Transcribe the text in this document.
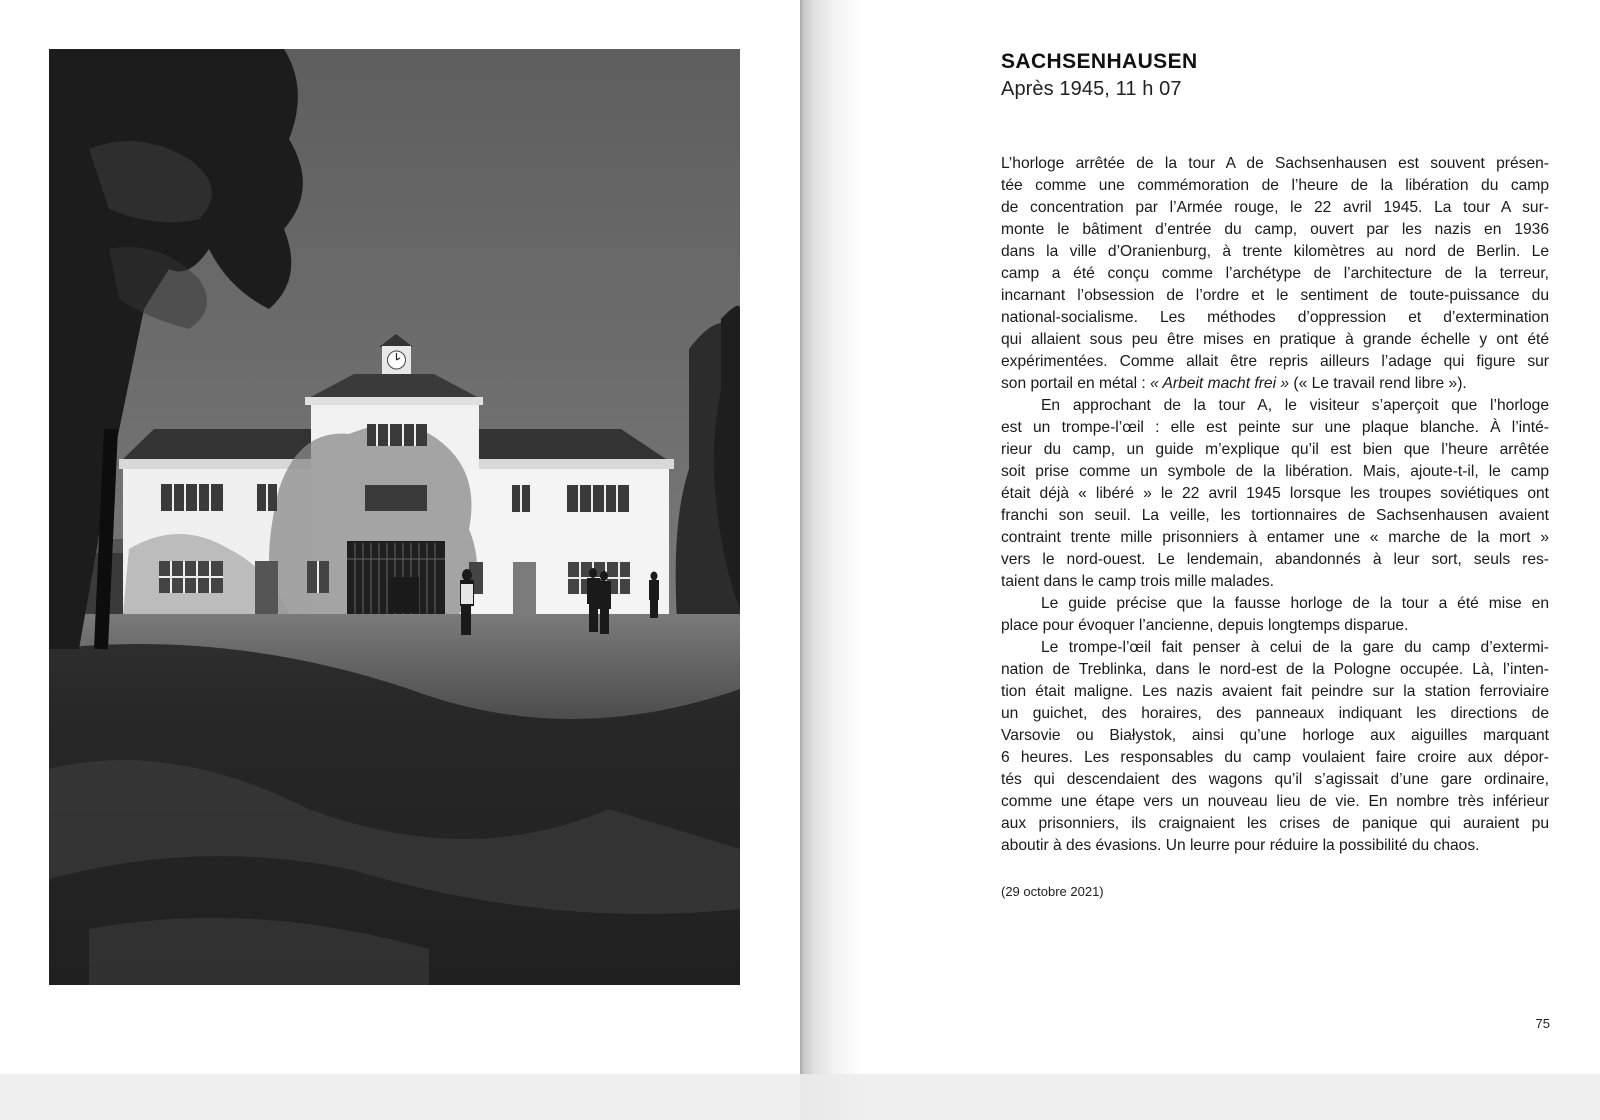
SACHSENHAUSEN
Après 1945, 11 h 07
L’horloge arrêtée de la tour A de Sachsenhausen est souvent présen-
tée comme une commémoration de l’heure de la libération du camp
de concentration par l’Armée rouge, le 22 avril 1945. La tour A sur-
monte le bâtiment d’entrée du camp, ouvert par les nazis en 1936
dans la ville d’Oranienburg, à trente kilomètres au nord de Berlin. Le
camp a été conçu comme l’archétype de l’architecture de la terreur,
incarnant l’obsession de l’ordre et le sentiment de toute-puissance du
national-socialisme. Les méthodes d’oppression et d’extermination
qui allaient sous peu être mises en pratique à grande échelle y ont été
expérimentées. Comme allait être repris ailleurs l’adage qui figure sur
son portail en métal : « Arbeit macht frei » (« Le travail rend libre »).
En approchant de la tour A, le visiteur s’aperçoit que l’horloge
est un trompe-l’œil : elle est peinte sur une plaque blanche. À l’inté-
rieur du camp, un guide m’explique qu’il est bien que l’heure arrêtée
soit prise comme un symbole de la libération. Mais, ajoute-t-il, le camp
était déjà « libéré » le 22 avril 1945 lorsque les troupes soviétiques ont
franchi son seuil. La veille, les tortionnaires de Sachsenhausen avaient
contraint trente mille prisonniers à entamer une « marche de la mort »
vers le nord-ouest. Le lendemain, abandonnés à leur sort, seuls res-
taient dans le camp trois mille malades.
Le guide précise que la fausse horloge de la tour a été mise en
place pour évoquer l’ancienne, depuis longtemps disparue.
Le trompe-l’œil fait penser à celui de la gare du camp d’extermi-
nation de Treblinka, dans le nord-est de la Pologne occupée. Là, l’inten-
tion était maligne. Les nazis avaient fait peindre sur la station ferroviaire
un guichet, des horaires, des panneaux indiquant les directions de
Varsovie ou Białystok, ainsi qu’une horloge aux aiguilles marquant
6 heures. Les responsables du camp voulaient faire croire aux dépor-
tés qui descendaient des wagons qu’il s’agissait d’une gare ordinaire,
comme une étape vers un nouveau lieu de vie. En nombre très inférieur
aux prisonniers, ils craignaient les crises de panique qui auraient pu
aboutir à des évasions. Un leurre pour réduire la possibilité du chaos.
(29 octobre 2021)
75
